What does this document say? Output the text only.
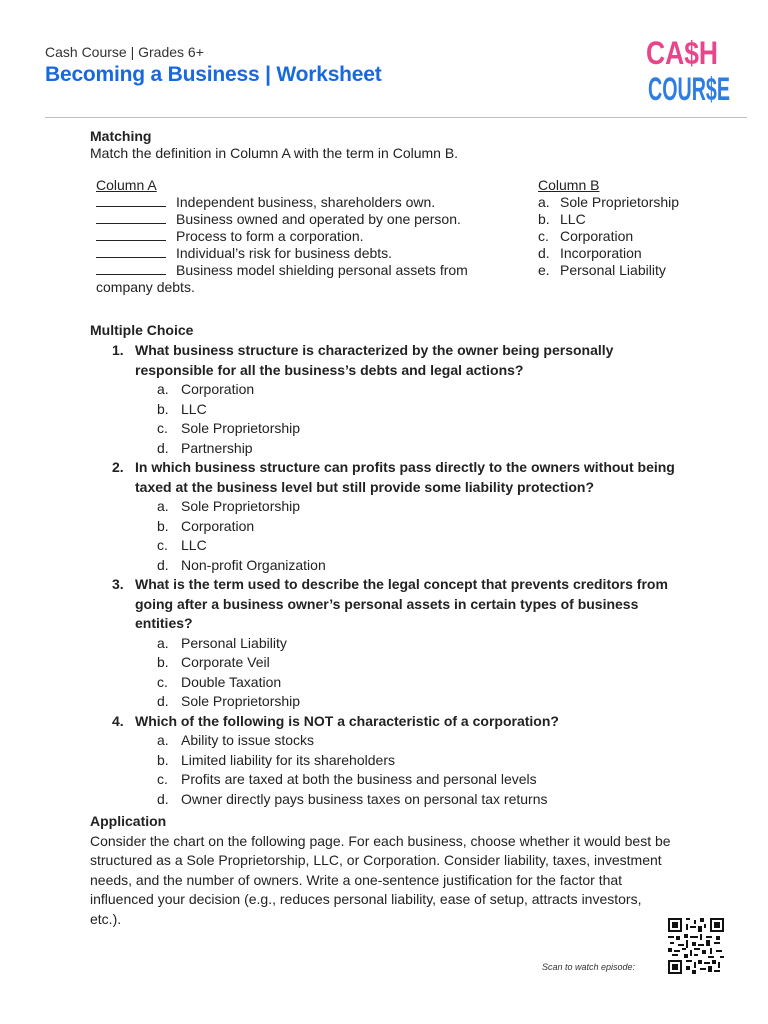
Cash Course | Grades 6+
Becoming a Business | Worksheet
CA$H
COUR$E
Matching
Match the definition in Column A with the term in Column B.
Column A
Independent business, shareholders own.
Business owned and operated by one person.
Process to form a corporation.
Individual’s risk for business debts.
Business model shielding personal assets from
company debts.
Column B
a. Sole Proprietorship
b. LLC
c. Corporation
d. Incorporation
e. Personal Liability
Multiple Choice
1. What business structure is characterized by the owner being personally responsible for all the business’s debts and legal actions?
a. Corporation
b. LLC
c. Sole Proprietorship
d. Partnership
2. In which business structure can profits pass directly to the owners without being taxed at the business level but still provide some liability protection?
a. Sole Proprietorship
b. Corporation
c. LLC
d. Non-profit Organization
3. What is the term used to describe the legal concept that prevents creditors from going after a business owner’s personal assets in certain types of business entities?
a. Personal Liability
b. Corporate Veil
c. Double Taxation
d. Sole Proprietorship
4. Which of the following is NOT a characteristic of a corporation?
a. Ability to issue stocks
b. Limited liability for its shareholders
c. Profits are taxed at both the business and personal levels
d. Owner directly pays business taxes on personal tax returns
Application
Consider the chart on the following page. For each business, choose whether it would best be structured as a Sole Proprietorship, LLC, or Corporation. Consider liability, taxes, investment needs, and the number of owners. Write a one-sentence justification for the factor that influenced your decision (e.g., reduces personal liability, ease of setup, attracts investors, etc.).
Scan to watch episode:
